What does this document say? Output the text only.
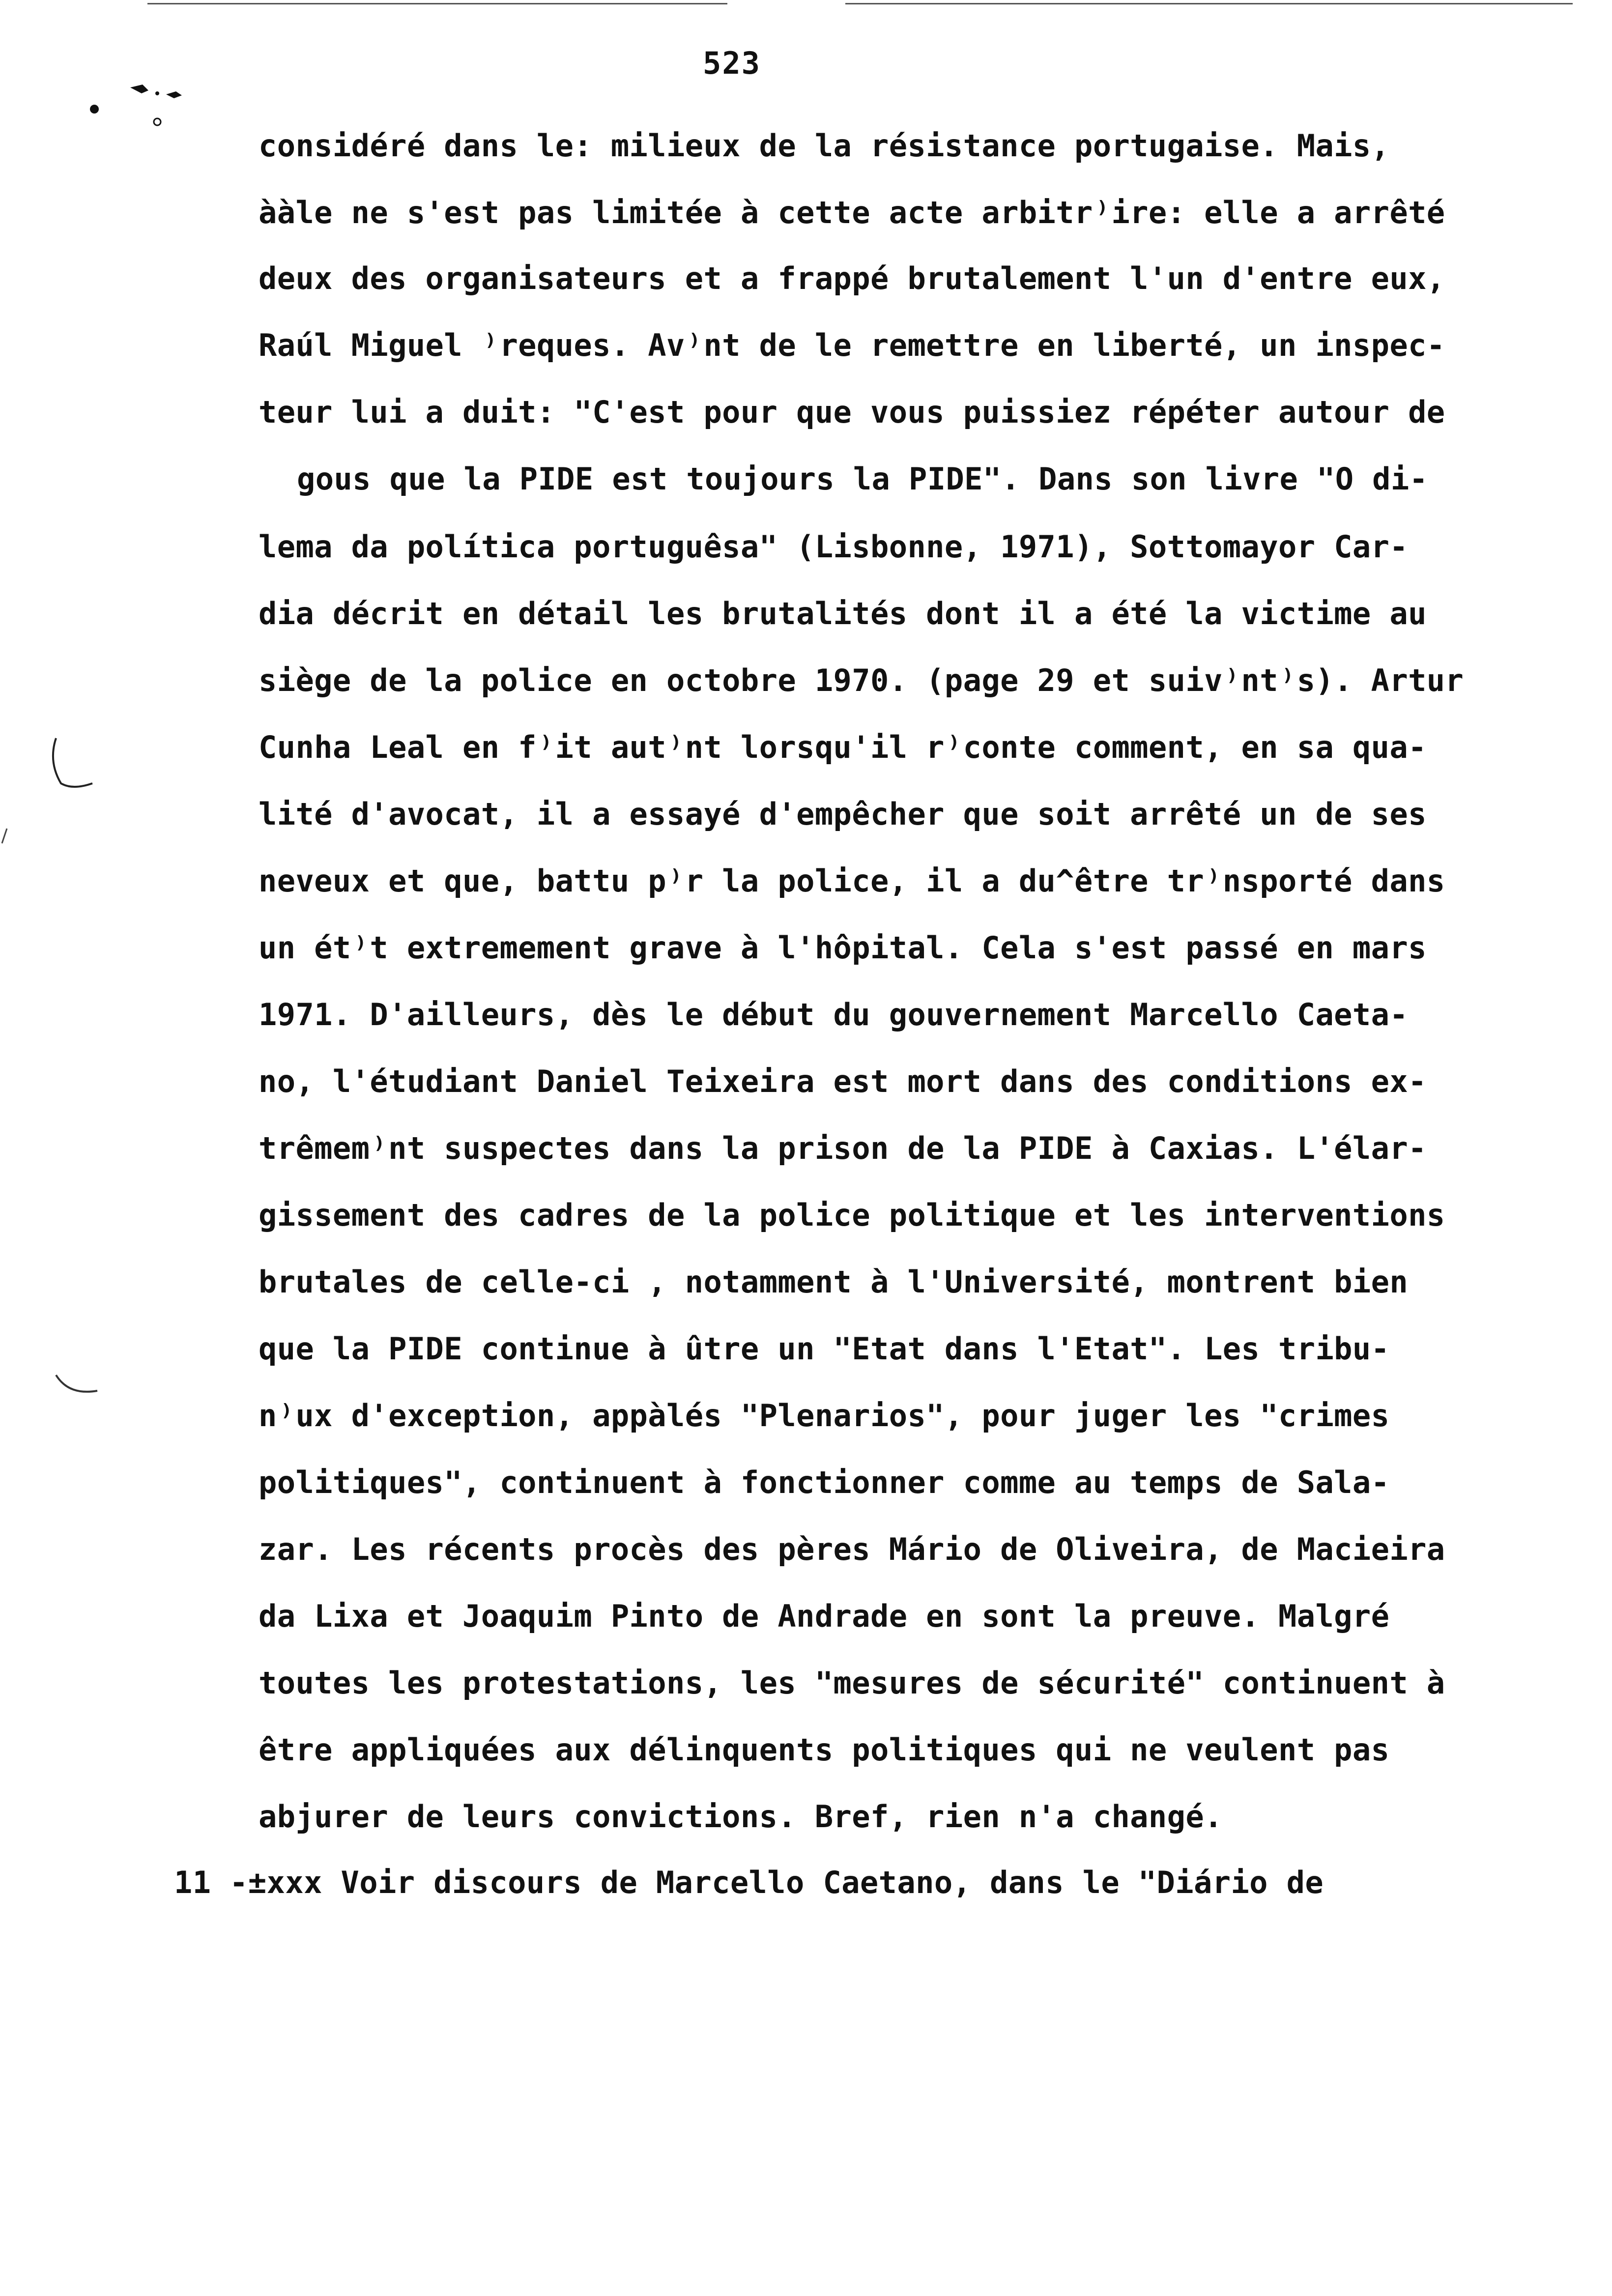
523
considéré dans le: milieux de la résistance portugaise. Mais,
ààle ne s'est pas limitée à cette acte arbitr⁾ire: elle a arrêté
deux des organisateurs et a frappé brutalement l'un d'entre eux,
Raúl Miguel ⁾reques. Av⁾nt de le remettre en liberté, un inspec-
teur lui a duit: "C'est pour que vous puissiez répéter autour de
gous que la PIDE est toujours la PIDE". Dans son livre "O di-
lema da política portuguêsa" (Lisbonne, 1971), Sottomayor Car-
dia décrit en détail les brutalités dont il a été la victime au
siège de la police en octobre 1970. (page 29 et suiv⁾nt⁾s). Artur
Cunha Leal en f⁾it aut⁾nt lorsqu'il r⁾conte comment, en sa qua-
lité d'avocat, il a essayé d'empêcher que soit arrêté un de ses
neveux et que, battu p⁾r la police, il a du^être tr⁾nsporté dans
un ét⁾t extremement grave à l'hôpital. Cela s'est passé en mars
1971. D'ailleurs, dès le début du gouvernement Marcello Caeta-
no, l'étudiant Daniel Teixeira est mort dans des conditions ex-
trêmem⁾nt suspectes dans la prison de la PIDE à Caxias. L'élar-
gissement des cadres de la police politique et les interventions
brutales de celle-ci , notamment à l'Université, montrent bien
que la PIDE continue à ûtre un "Etat dans l'Etat". Les tribu-
n⁾ux d'exception, appàlés "Plenarios", pour juger les "crimes
politiques", continuent à fonctionner comme au temps de Sala-
zar. Les récents procès des pères Mário de Oliveira, de Macieira
da Lixa et Joaquim Pinto de Andrade en sont la preuve. Malgré
toutes les protestations, les "mesures de sécurité" continuent à
être appliquées aux délinquents politiques qui ne veulent pas
abjurer de leurs convictions. Bref, rien n'a changé.
11 -±xxx Voir discours de Marcello Caetano, dans le "Diário de
